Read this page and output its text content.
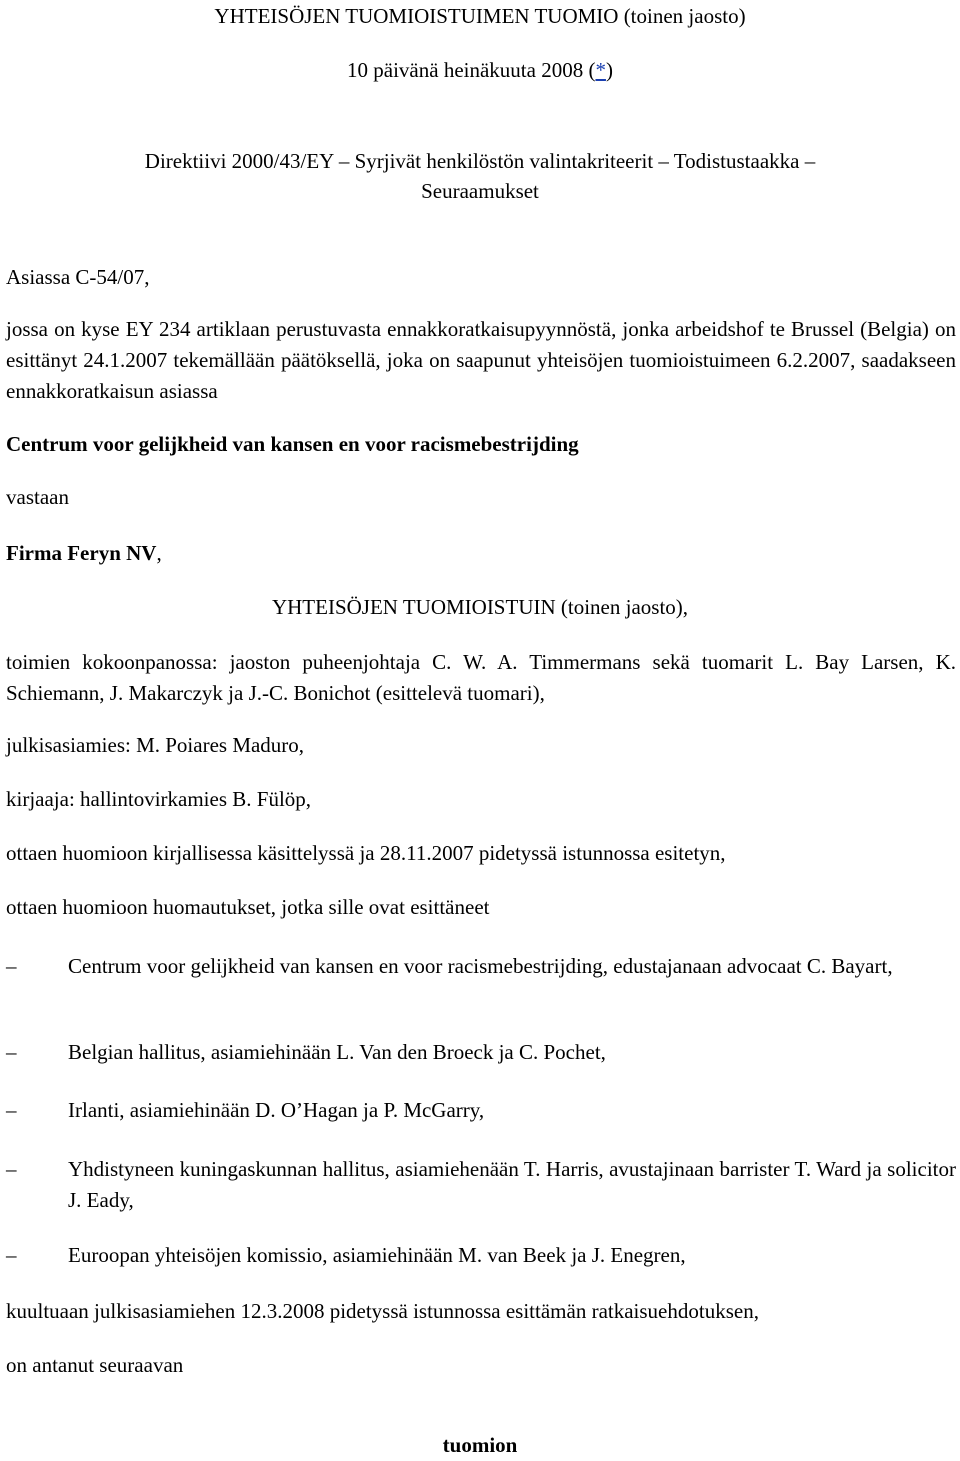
YHTEISÖJEN TUOMIOISTUIMEN TUOMIO (toinen jaosto)

10 päivänä heinäkuuta 2008 (*)

Direktiivi 2000/43/EY – Syrjivät henkilöstön valintakriteerit – Todistustaakka –

Seuraamukset

Asiassa C-54/07,

jossa on kyse EY 234 artiklaan perustuvasta ennakkoratkaisupyynnöstä, jonka arbeidshof te Brussel (Belgia) on esittänyt 24.1.2007 tekemällään päätöksellä, joka on saapunut yhteisöjen tuomioistuimeen 6.2.2007, saadakseen ennakkoratkaisun asiassa

Centrum voor gelijkheid van kansen en voor racismebestrijding

vastaan

Firma Feryn NV,

YHTEISÖJEN TUOMIOISTUIN (toinen jaosto),

toimien kokoonpanossa: jaoston puheenjohtaja C. W. A. Timmermans sekä tuomarit L. Bay Larsen, K. Schiemann, J. Makarczyk ja J.-C. Bonichot (esittelevä tuomari),

julkisasiamies: M. Poiares Maduro,

kirjaaja: hallintovirkamies B. Fülöp,

ottaen huomioon kirjallisessa käsittelyssä ja 28.11.2007 pidetyssä istunnossa esitetyn,

ottaen huomioon huomautukset, jotka sille ovat esittäneet

– Centrum voor gelijkheid van kansen en voor racismebestrijding, edustajanaan advocaat C. Bayart,
– Belgian hallitus, asiamiehinään L. Van den Broeck ja C. Pochet,
– Irlanti, asiamiehinään D. O’Hagan ja P. McGarry,
– Yhdistyneen kuningaskunnan hallitus, asiamiehenään T. Harris, avustajinaan barrister T. Ward ja solicitor J. Eady,
– Euroopan yhteisöjen komissio, asiamiehinään M. van Beek ja J. Enegren,

kuultuaan julkisasiamiehen 12.3.2008 pidetyssä istunnossa esittämän ratkaisuehdotuksen,

on antanut seuraavan

tuomion
